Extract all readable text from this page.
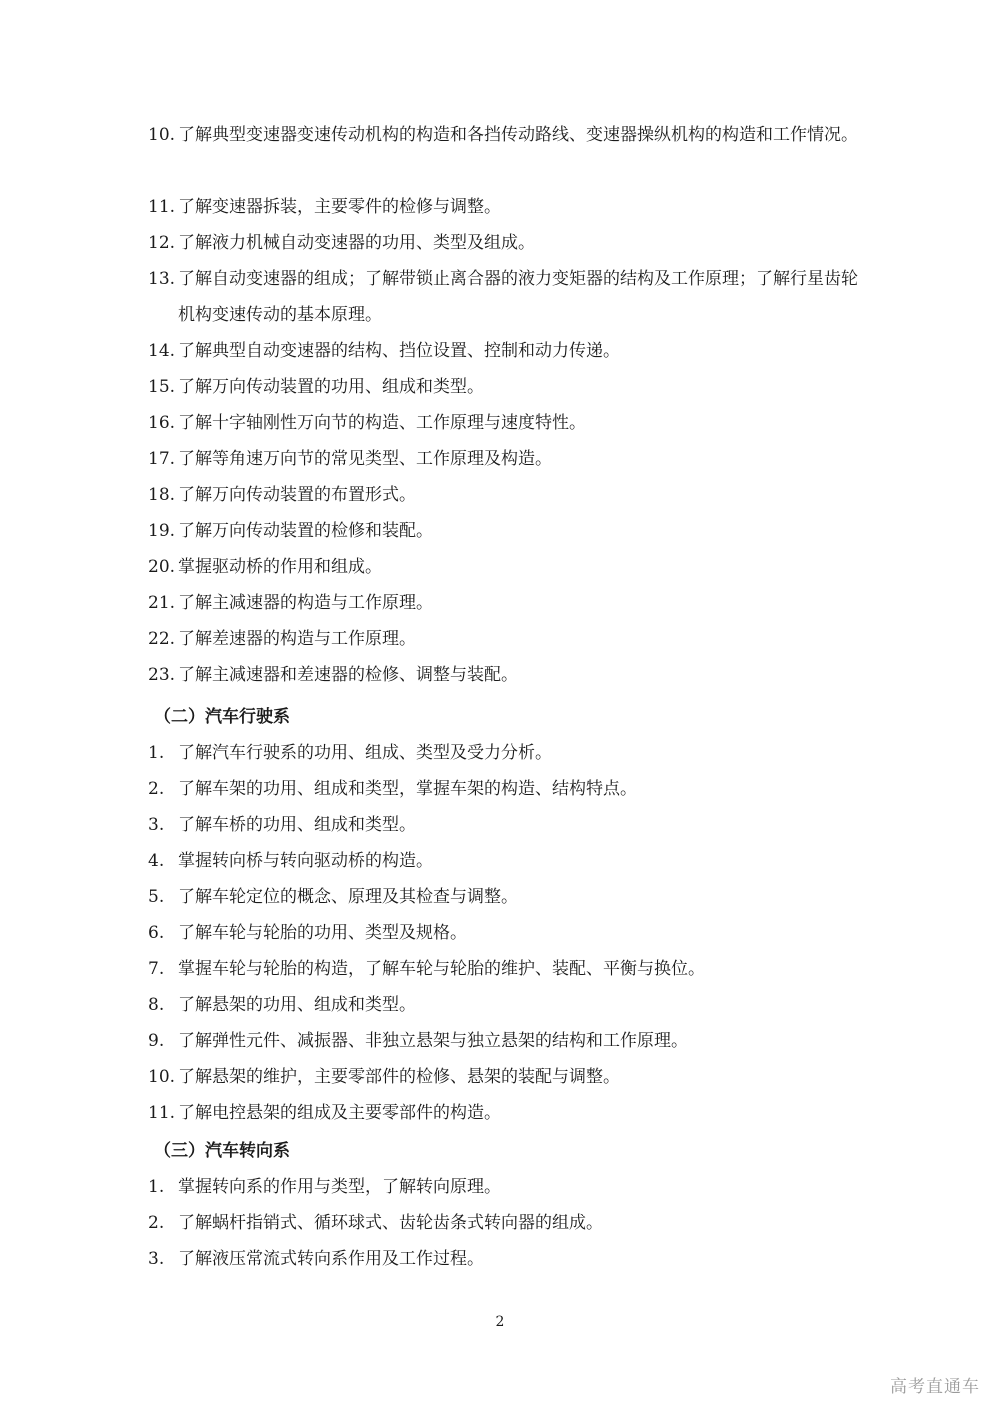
10. 了解典型变速器变速传动机构的构造和各挡传动路线、变速器操纵机构的构造和工作情况。
11. 了解变速器拆装，主要零件的检修与调整。
12. 了解液力机械自动变速器的功用、类型及组成。
13. 了解自动变速器的组成；了解带锁止离合器的液力变矩器的结构及工作原理；了解行星齿轮机构变速传动的基本原理。
14. 了解典型自动变速器的结构、挡位设置、控制和动力传递。
15. 了解万向传动装置的功用、组成和类型。
16. 了解十字轴刚性万向节的构造、工作原理与速度特性。
17. 了解等角速万向节的常见类型、工作原理及构造。
18. 了解万向传动装置的布置形式。
19. 了解万向传动装置的检修和装配。
20. 掌握驱动桥的作用和组成。
21. 了解主减速器的构造与工作原理。
22. 了解差速器的构造与工作原理。
23. 了解主减速器和差速器的检修、调整与装配。
（二）汽车行驶系
1. 了解汽车行驶系的功用、组成、类型及受力分析。
2. 了解车架的功用、组成和类型，掌握车架的构造、结构特点。
3. 了解车桥的功用、组成和类型。
4. 掌握转向桥与转向驱动桥的构造。
5. 了解车轮定位的概念、原理及其检查与调整。
6. 了解车轮与轮胎的功用、类型及规格。
7. 掌握车轮与轮胎的构造，了解车轮与轮胎的维护、装配、平衡与换位。
8. 了解悬架的功用、组成和类型。
9. 了解弹性元件、减振器、非独立悬架与独立悬架的结构和工作原理。
10. 了解悬架的维护，主要零部件的检修、悬架的装配与调整。
11. 了解电控悬架的组成及主要零部件的构造。
（三）汽车转向系
1. 掌握转向系的作用与类型，了解转向原理。
2. 了解蜗杆指销式、循环球式、齿轮齿条式转向器的组成。
3. 了解液压常流式转向系作用及工作过程。
2
高考直通车
